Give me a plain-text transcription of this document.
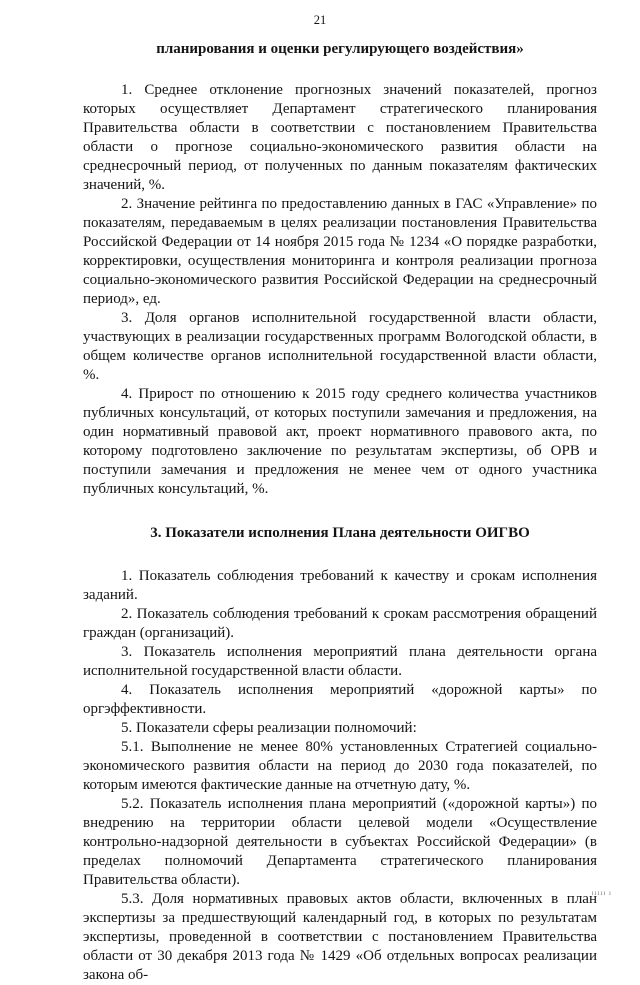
21

планирования и оценки регулирующего воздействия»

1. Среднее отклонение прогнозных значений показателей, прогноз которых осуществляет Департамент стратегического планирования Правительства области в соответствии с постановлением Правительства области о прогнозе социально-экономического развития области на среднесрочный период, от полученных по данным показателям фактических значений, %.

2. Значение рейтинга по предоставлению данных в ГАС «Управление» по показателям, передаваемым в целях реализации постановления Правительства Российской Федерации от 14 ноября 2015 года № 1234 «О порядке разработки, корректировки, осуществления мониторинга и контроля реализации прогноза социально-экономического развития Российской Федерации на среднесрочный период», ед.

3. Доля органов исполнительной государственной власти области, участвующих в реализации государственных программ Вологодской области, в общем количестве органов исполнительной государственной власти области, %.

4. Прирост по отношению к 2015 году среднего количества участников публичных консультаций, от которых поступили замечания и предложения, на один нормативный правовой акт, проект нормативного правового акта, по которому подготовлено заключение по результатам экспертизы, об ОРВ и поступили замечания и предложения не менее чем от одного участника публичных консультаций, %.

3. Показатели исполнения Плана деятельности ОИГВО

1. Показатель соблюдения требований к качеству и срокам исполнения заданий.

2. Показатель соблюдения требований к срокам рассмотрения обращений граждан (организаций).

3. Показатель исполнения мероприятий плана деятельности органа исполнительной государственной власти области.

4. Показатель исполнения мероприятий «дорожной карты» по оргэффективности.

5. Показатели сферы реализации полномочий:

5.1. Выполнение не менее 80% установленных Стратегией социально-экономического развития области на период до 2030 года показателей, по которым имеются фактические данные на отчетную дату, %.

5.2. Показатель исполнения плана мероприятий («дорожной карты») по внедрению на территории области целевой модели «Осуществление контрольно-надзорной деятельности в субъектах Российской Федерации» (в пределах полномочий Департамента стратегического планирования Правительства области).

5.3. Доля нормативных правовых актов области, включенных в план экспертизы за предшествующий календарный год, в которых по результатам экспертизы, проведенной в соответствии с постановлением Правительства области от 30 декабря 2013 года № 1429 «Об отдельных вопросах реализации закона об-

ııııı ı
